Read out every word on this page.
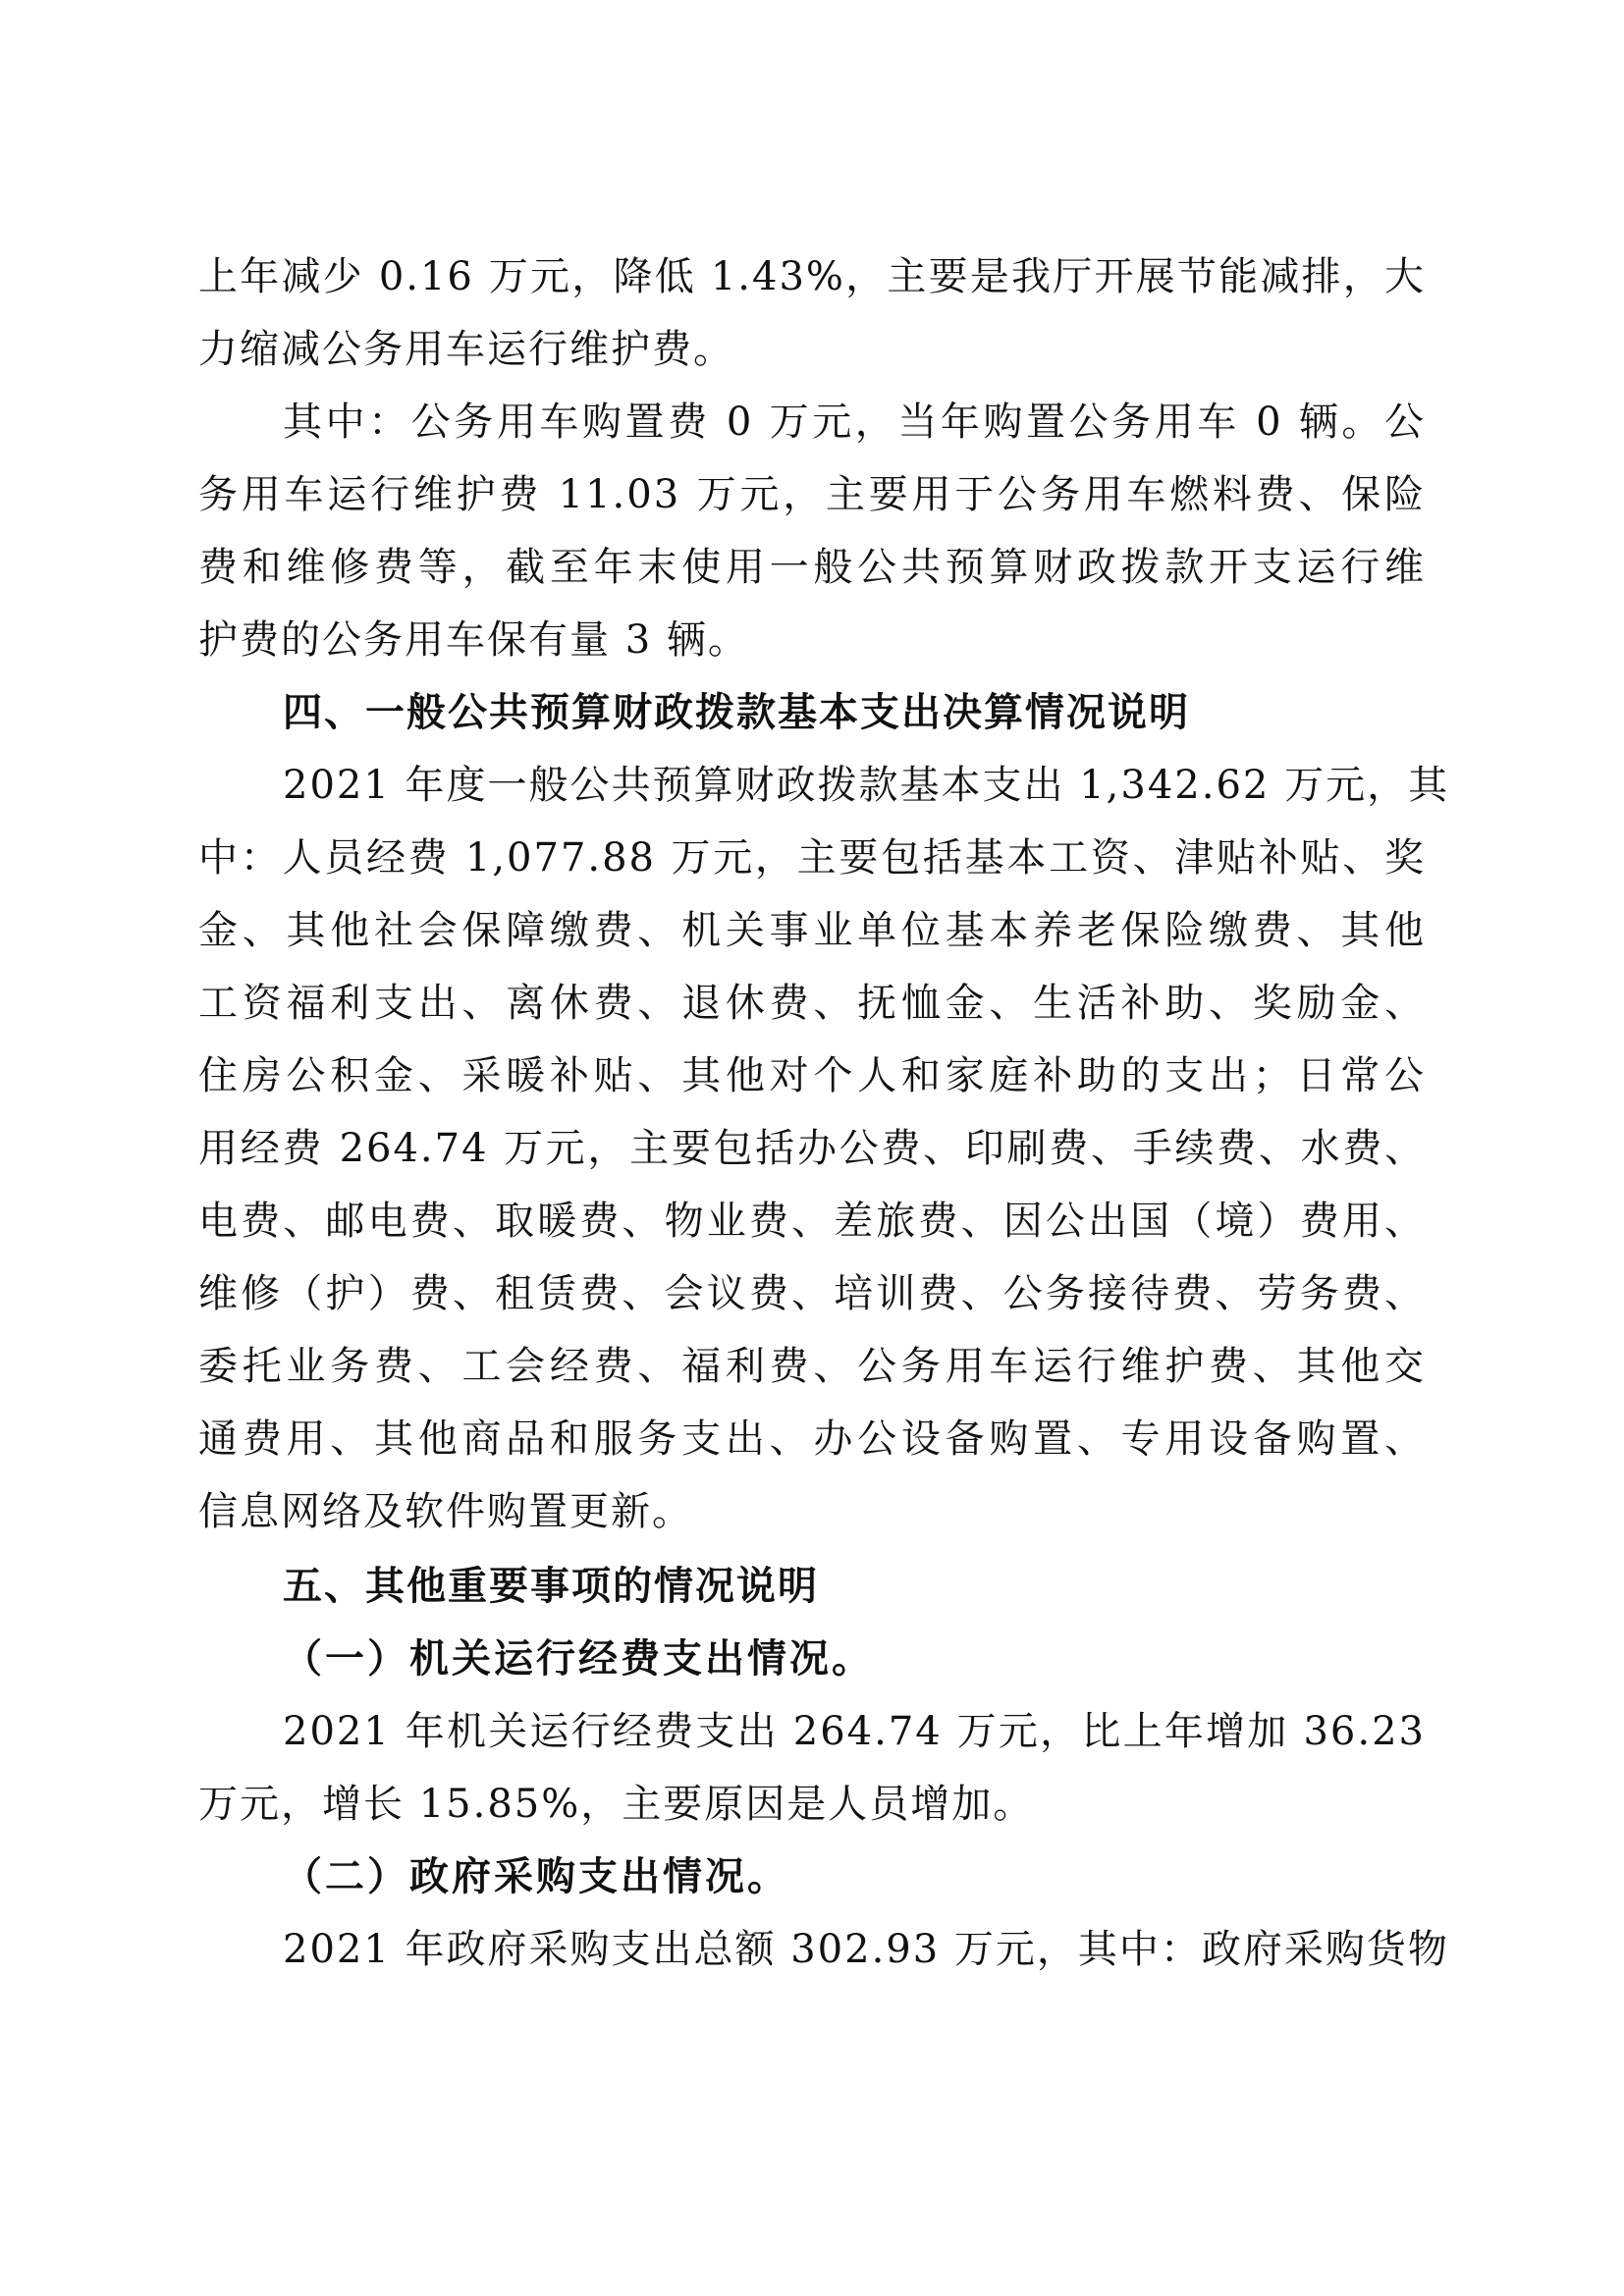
上年减少 0.16 万元，降低 1.43%，主要是我厅开展节能减排，大
力缩减公务用车运行维护费。
其中：公务用车购置费 0 万元，当年购置公务用车 0 辆。公
务用车运行维护费 11.03 万元，主要用于公务用车燃料费、保险
费和维修费等，截至年末使用一般公共预算财政拨款开支运行维
护费的公务用车保有量 3 辆。
四、一般公共预算财政拨款基本支出决算情况说明
2021 年度一般公共预算财政拨款基本支出 1,342.62 万元，其
中：人员经费 1,077.88 万元，主要包括基本工资、津贴补贴、奖
金、其他社会保障缴费、机关事业单位基本养老保险缴费、其他
工资福利支出、离休费、退休费、抚恤金、生活补助、奖励金、
住房公积金、采暖补贴、其他对个人和家庭补助的支出；日常公
用经费 264.74 万元，主要包括办公费、印刷费、手续费、水费、
电费、邮电费、取暖费、物业费、差旅费、因公出国（境）费用、
维修（护）费、租赁费、会议费、培训费、公务接待费、劳务费、
委托业务费、工会经费、福利费、公务用车运行维护费、其他交
通费用、其他商品和服务支出、办公设备购置、专用设备购置、
信息网络及软件购置更新。
五、其他重要事项的情况说明
（一）机关运行经费支出情况。
2021 年机关运行经费支出 264.74 万元，比上年增加 36.23
万元，增长 15.85%，主要原因是人员增加。
（二）政府采购支出情况。
2021 年政府采购支出总额 302.93 万元，其中：政府采购货物
